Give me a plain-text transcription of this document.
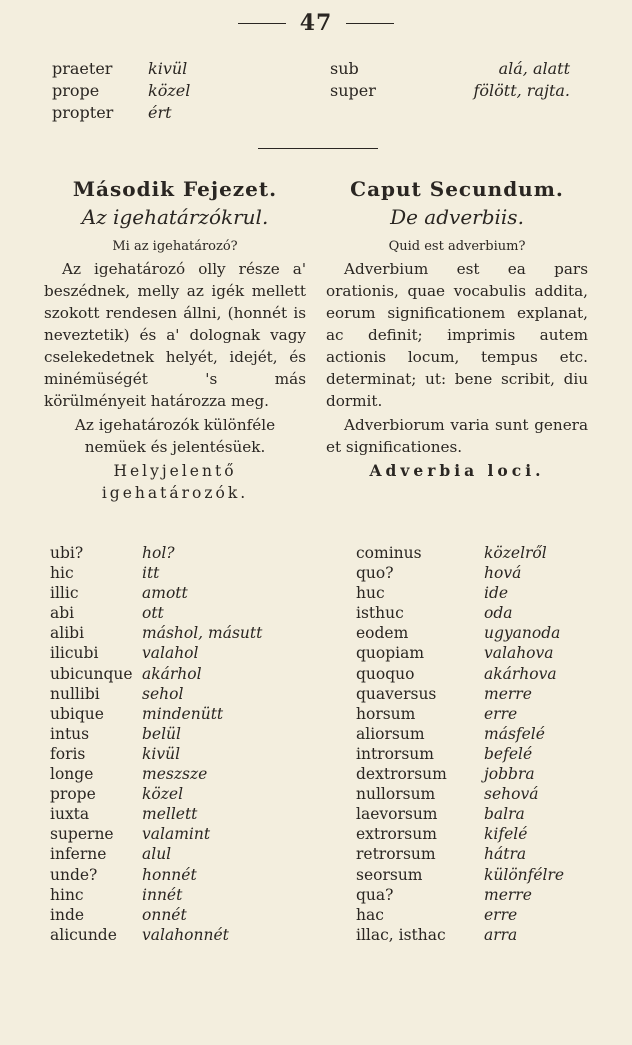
47
praeter	kivül
prope	közel
propter	ért
sub	alá, alatt
super	fölött, rajta.
Második Fejezet.
Az igehatárzókrul.
Mi az igehatározó?

Az igehatározó olly része a' beszédnek, melly az igék mellett szokott rendesen állni, (honnét is neveztetik) és a' dolognak vagy cselekedetnek helyét, idejét, és minémüségét 's más körülményeit határozza meg.

Az igehatározók különféle nemüek és jelentésüek.

Helyjelentő igehatározók.
Caput Secundum.
De adverbiis.
Quid est adverbium?

Adverbium est ea pars orationis, quae vocabulis addita, eorum significationem explanat, ac definit; imprimis autem actionis locum, tempus etc. determinat; ut: bene scribit, diu dormit.

Adverbiorum varia sunt genera et significationes.

Adverbia loci.
ubi?	hol?
hic	itt
illic	amott
abi	ott
alibi	máshol, másutt
ilicubi	valahol
ubicunque akárhol
nullibi	sehol
ubique	mindenütt
intus	belül
foris	kivül
longe	meszsze
prope	közel
iuxta	mellett
superne	valamint
inferne	alul
unde?	honnét
hinc	innét
inde	onnét
alicunde	valahonnét
cominus	közelről
quo?	hová
huc	ide
isthuc	oda
eodem	ugyanoda
quopiam	valahova
quoquo	akárhova
quaversus	merre
horsum	erre
aliorsum	másfelé
introrsum	befelé
dextrorsum	jobbra
nullorsum	sehová
laevorsum	balra
extrorsum	kifelé
retrorsum	hátra
seorsum	különfélre
qua?	merre
hac	erre
illac, isthac	arra
